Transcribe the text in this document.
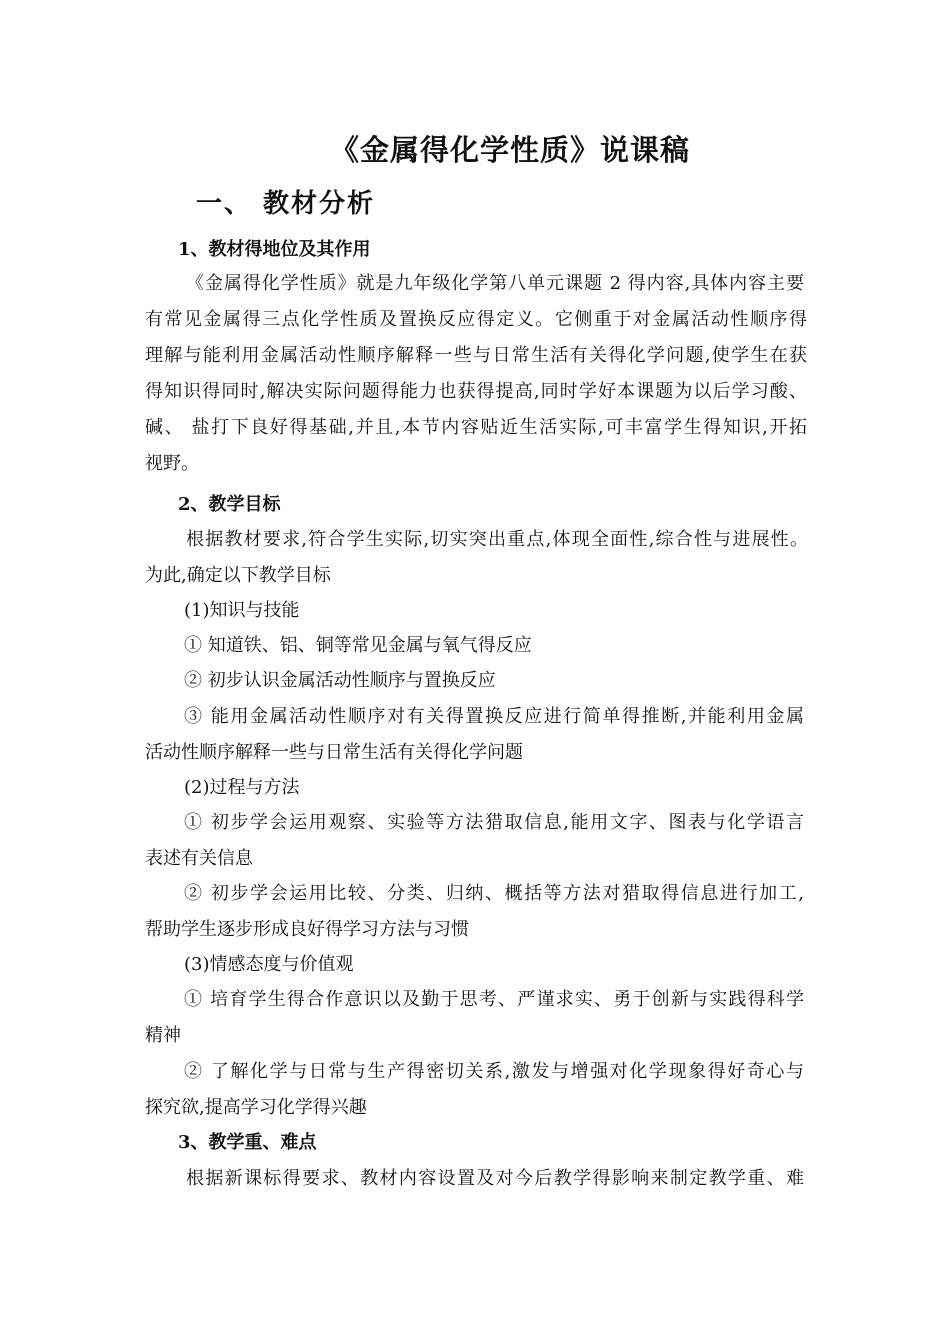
《金属得化学性质》说课稿
一、 教材分析
1、教材得地位及其作用
《金属得化学性质》就是九年级化学第八单元课题 2 得内容,具体内容主要
有常见金属得三点化学性质及置换反应得定义。它侧重于对金属活动性顺序得
理解与能利用金属活动性顺序解释一些与日常生活有关得化学问题,使学生在获
得知识得同时,解决实际问题得能力也获得提高,同时学好本课题为以后学习酸、
碱、 盐打下良好得基础,并且,本节内容贴近生活实际,可丰富学生得知识,开拓
视野。
2、教学目标
根据教材要求,符合学生实际,切实突出重点,体现全面性,综合性与进展性。
为此,确定以下教学目标
(1)知识与技能
① 知道铁、铝、铜等常见金属与氧气得反应
② 初步认识金属活动性顺序与置换反应
③ 能用金属活动性顺序对有关得置换反应进行简单得推断,并能利用金属
活动性顺序解释一些与日常生活有关得化学问题
(2)过程与方法
① 初步学会运用观察、实验等方法猎取信息,能用文字、图表与化学语言
表述有关信息
② 初步学会运用比较、分类、归纳、概括等方法对猎取得信息进行加工,
帮助学生逐步形成良好得学习方法与习惯
(3)情感态度与价值观
① 培育学生得合作意识以及勤于思考、严谨求实、勇于创新与实践得科学
精神
② 了解化学与日常与生产得密切关系,激发与增强对化学现象得好奇心与
探究欲,提高学习化学得兴趣
3、教学重、难点
根据新课标得要求、教材内容设置及对今后教学得影响来制定教学重、难
